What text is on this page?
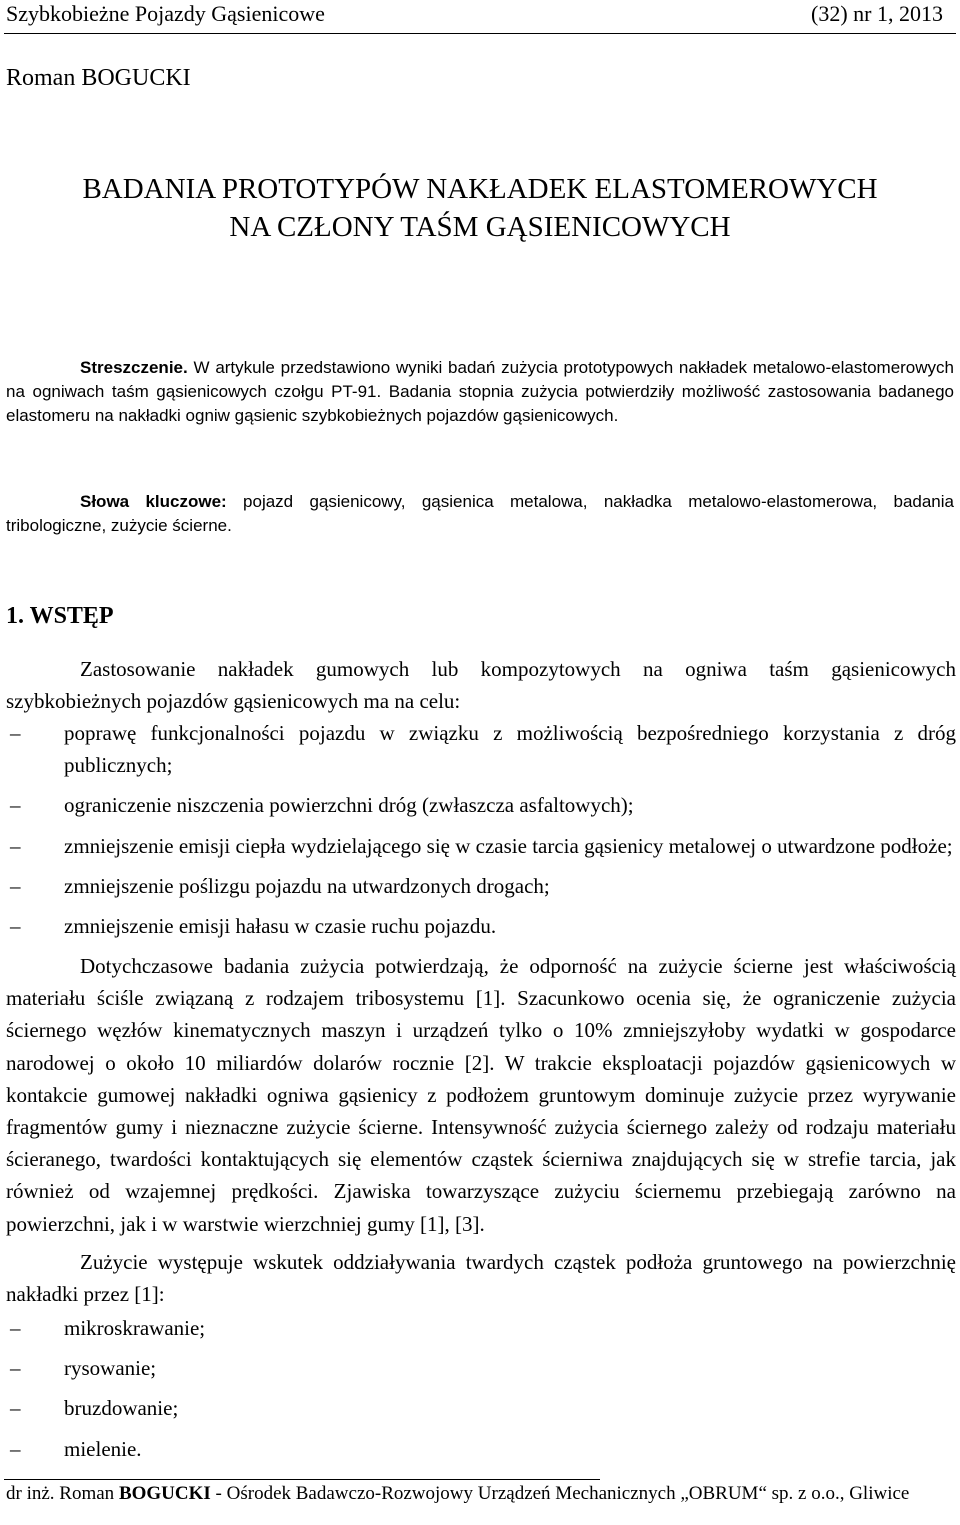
Szybkobieżne Pojazdy Gąsienicowe	(32) nr 1, 2013
Roman BOGUCKI
BADANIA PROTOTYPÓW NAKŁADEK ELASTOMEROWYCH
NA CZŁONY TAŚM GĄSIENICOWYCH
Streszczenie. W artykule przedstawiono wyniki badań zużycia prototypowych nakładek metalowo-elastomerowych na ogniwach taśm gąsienicowych czołgu PT-91. Badania stopnia zużycia potwierdziły możliwość zastosowania badanego elastomeru na nakładki ogniw gąsienic szybkobieżnych pojazdów gąsienicowych.
Słowa kluczowe: pojazd gąsienicowy, gąsienica metalowa, nakładka metalowo-elastomerowa, badania tribologiczne, zużycie ścierne.
1. WSTĘP
Zastosowanie nakładek gumowych lub kompozytowych na ogniwa taśm gąsienicowych szybkobieżnych pojazdów gąsienicowych ma na celu:
– poprawę funkcjonalności pojazdu w związku z możliwością bezpośredniego korzystania z dróg publicznych;
– ograniczenie niszczenia powierzchni dróg (zwłaszcza asfaltowych);
– zmniejszenie emisji ciepła wydzielającego się w czasie tarcia gąsienicy metalowej o utwardzone podłoże;
– zmniejszenie poślizgu pojazdu na utwardzonych drogach;
– zmniejszenie emisji hałasu w czasie ruchu pojazdu.
Dotychczasowe badania zużycia potwierdzają, że odporność na zużycie ścierne jest właściwością materiału ściśle związaną z rodzajem tribosystemu [1]. Szacunkowo ocenia się, że ograniczenie zużycia ściernego węzłów kinematycznych maszyn i urządzeń tylko o 10% zmniejszyłoby wydatki w gospodarce narodowej o około 10 miliardów dolarów rocznie [2]. W trakcie eksploatacji pojazdów gąsienicowych w kontakcie gumowej nakładki ogniwa gąsienicy z podłożem gruntowym dominuje zużycie przez wyrywanie fragmentów gumy i nieznaczne zużycie ścierne. Intensywność zużycia ściernego zależy od rodzaju materiału ścieranego, twardości kontaktujących się elementów cząstek ścierniwa znajdujących się w strefie tarcia, jak również od wzajemnej prędkości. Zjawiska towarzyszące zużyciu ściernemu przebiegają zarówno na powierzchni, jak i w warstwie wierzchniej gumy [1], [3].
Zużycie występuje wskutek oddziaływania twardych cząstek podłoża gruntowego na powierzchnię nakładki przez [1]:
– mikroskrawanie;
– rysowanie;
– bruzdowanie;
– mielenie.
dr inż. Roman BOGUCKI - Ośrodek Badawczo-Rozwojowy Urządzeń Mechanicznych „OBRUM“ sp. z o.o., Gliwice
